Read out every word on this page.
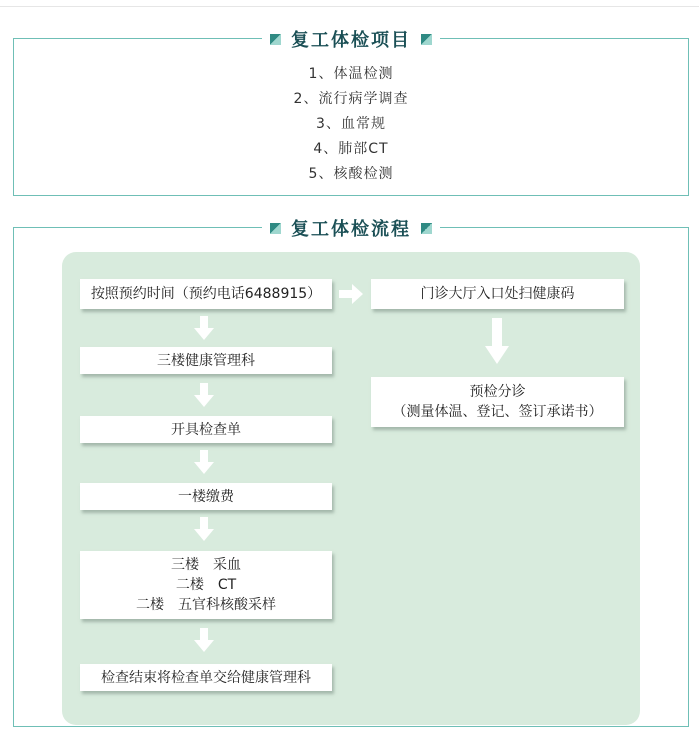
复工体检项目
1、体温检测
2、流行病学调查
3、血常规
4、肺部CT
5、核酸检测
复工体检流程
按照预约时间（预约电话6488915）
三楼健康管理科
开具检查单
一楼缴费
三楼　采血
二楼　CT
二楼　五官科核酸采样
检查结束将检查单交给健康管理科
门诊大厅入口处扫健康码
预检分诊
（测量体温、登记、签订承诺书）
